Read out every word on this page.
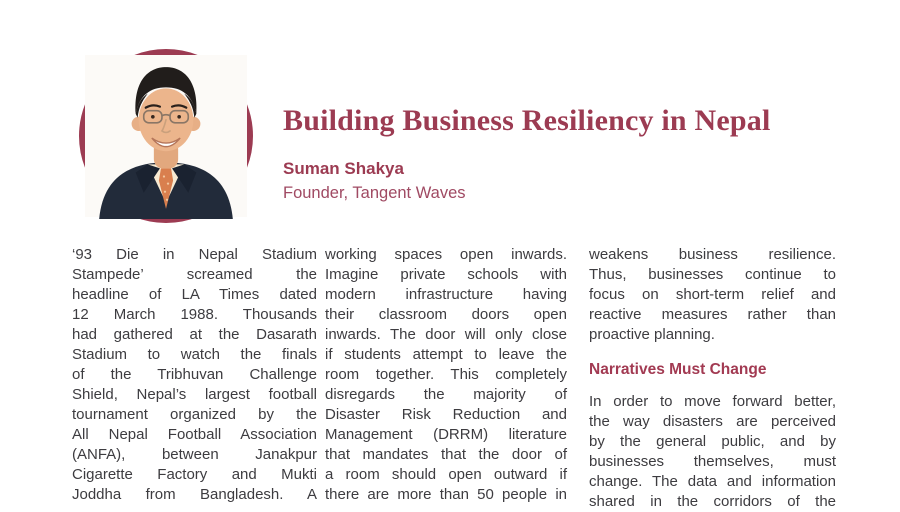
Building Business Resiliency in Nepal
Suman Shakya
Founder, Tangent Waves
‘93 Die in Nepal Stadium
Stampede’ screamed the
headline of LA Times dated
12 March 1988. Thousands
had gathered at the Dasarath
Stadium to watch the finals
of the Tribhuvan Challenge
Shield, Nepal’s largest football
tournament organized by the
All Nepal Football Association
(ANFA), between Janakpur
Cigarette Factory and Mukti
Joddha from Bangladesh. A
working spaces open inwards.
Imagine private schools with
modern infrastructure having
their classroom doors open
inwards. The door will only close
if students attempt to leave the
room together. This completely
disregards the majority of
Disaster Risk Reduction and
Management (DRRM) literature
that mandates that the door of
a room should open outward if
there are more than 50 people in
weakens business resilience.
Thus, businesses continue to
focus on short-term relief and
reactive measures rather than
proactive planning.
Narratives Must Change
In order to move forward better,
the way disasters are perceived
by the general public, and by
businesses themselves, must
change. The data and information
shared in the corridors of the
